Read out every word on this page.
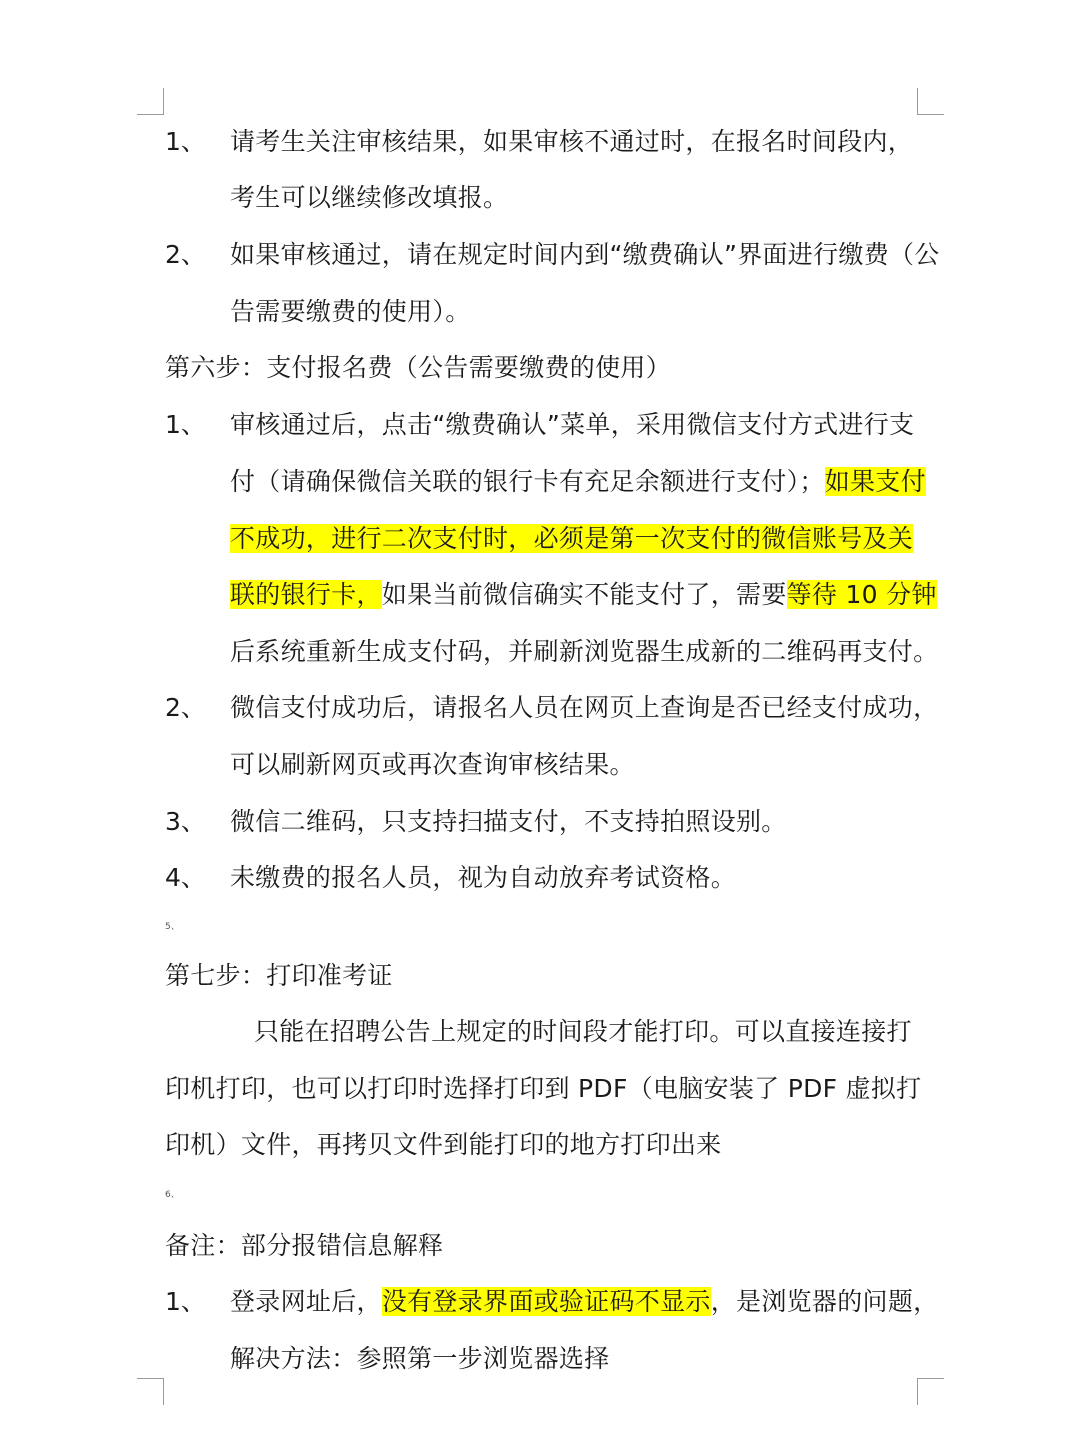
1、 请考生关注审核结果，如果审核不通过时，在报名时间段内，
考生可以继续修改填报。
2、 如果审核通过，请在规定时间内到“缴费确认”界面进行缴费（公
告需要缴费的使用）。
第六步：支付报名费（公告需要缴费的使用）
1、 审核通过后，点击“缴费确认”菜单，采用微信支付方式进行支
付（请确保微信关联的银行卡有充足余额进行支付）；如果支付
不成功，进行二次支付时，必须是第一次支付的微信账号及关
联的银行卡，如果当前微信确实不能支付了，需要等待 10 分钟
后系统重新生成支付码，并刷新浏览器生成新的二维码再支付。
2、 微信支付成功后，请报名人员在网页上查询是否已经支付成功，
可以刷新网页或再次查询审核结果。
3、 微信二维码，只支持扫描支付，不支持拍照设别。
4、 未缴费的报名人员，视为自动放弃考试资格。
5、
第七步：打印准考证
只能在招聘公告上规定的时间段才能打印。可以直接连接打
印机打印，也可以打印时选择打印到 PDF（电脑安装了 PDF 虚拟打
印机）文件，再拷贝文件到能打印的地方打印出来
6、
备注：部分报错信息解释
1、 登录网址后，没有登录界面或验证码不显示，是浏览器的问题，
解决方法：参照第一步浏览器选择
